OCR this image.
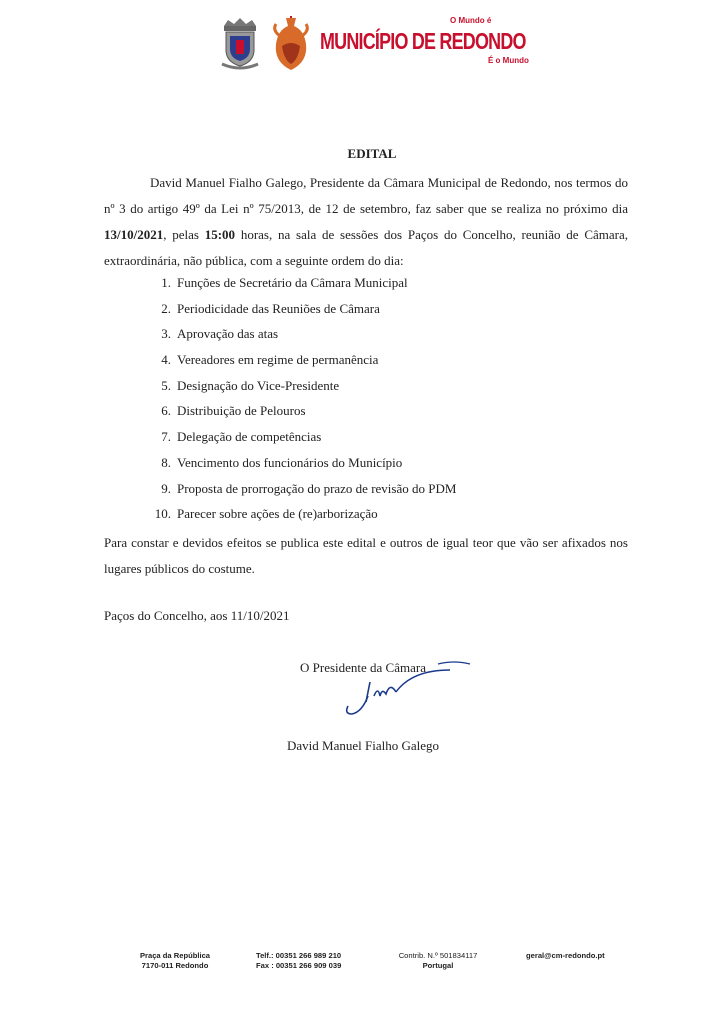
O Mundo é
MUNICÍPIO DE REDONDO
É o Mundo
EDITAL

David Manuel Fialho Galego, Presidente da Câmara Municipal de Redondo, nos termos do nº 3 do artigo 49º da Lei nº 75/2013, de 12 de setembro, faz saber que se realiza no próximo dia 13/10/2021, pelas 15:00 horas, na sala de sessões dos Paços do Concelho, reunião de Câmara, extraordinária, não pública, com a seguinte ordem do dia:

1. Funções de Secretário da Câmara Municipal
2. Periodicidade das Reuniões de Câmara
3. Aprovação das atas
4. Vereadores em regime de permanência
5. Designação do Vice-Presidente
6. Distribuição de Pelouros
7. Delegação de competências
8. Vencimento dos funcionários do Município
9. Proposta de prorrogação do prazo de revisão do PDM
10. Parecer sobre ações de (re)arborização

Para constar e devidos efeitos se publica este edital e outros de igual teor que vão ser afixados nos lugares públicos do costume.

Paços do Concelho, aos 11/10/2021
O Presidente da Câmara
David Manuel Fialho Galego
Praça da República
7170-011 Redondo
Telf.: 00351 266 989 210
Fax : 00351 266 909 039
Contrib. N.º 501834117
Portugal
geral@cm-redondo.pt
